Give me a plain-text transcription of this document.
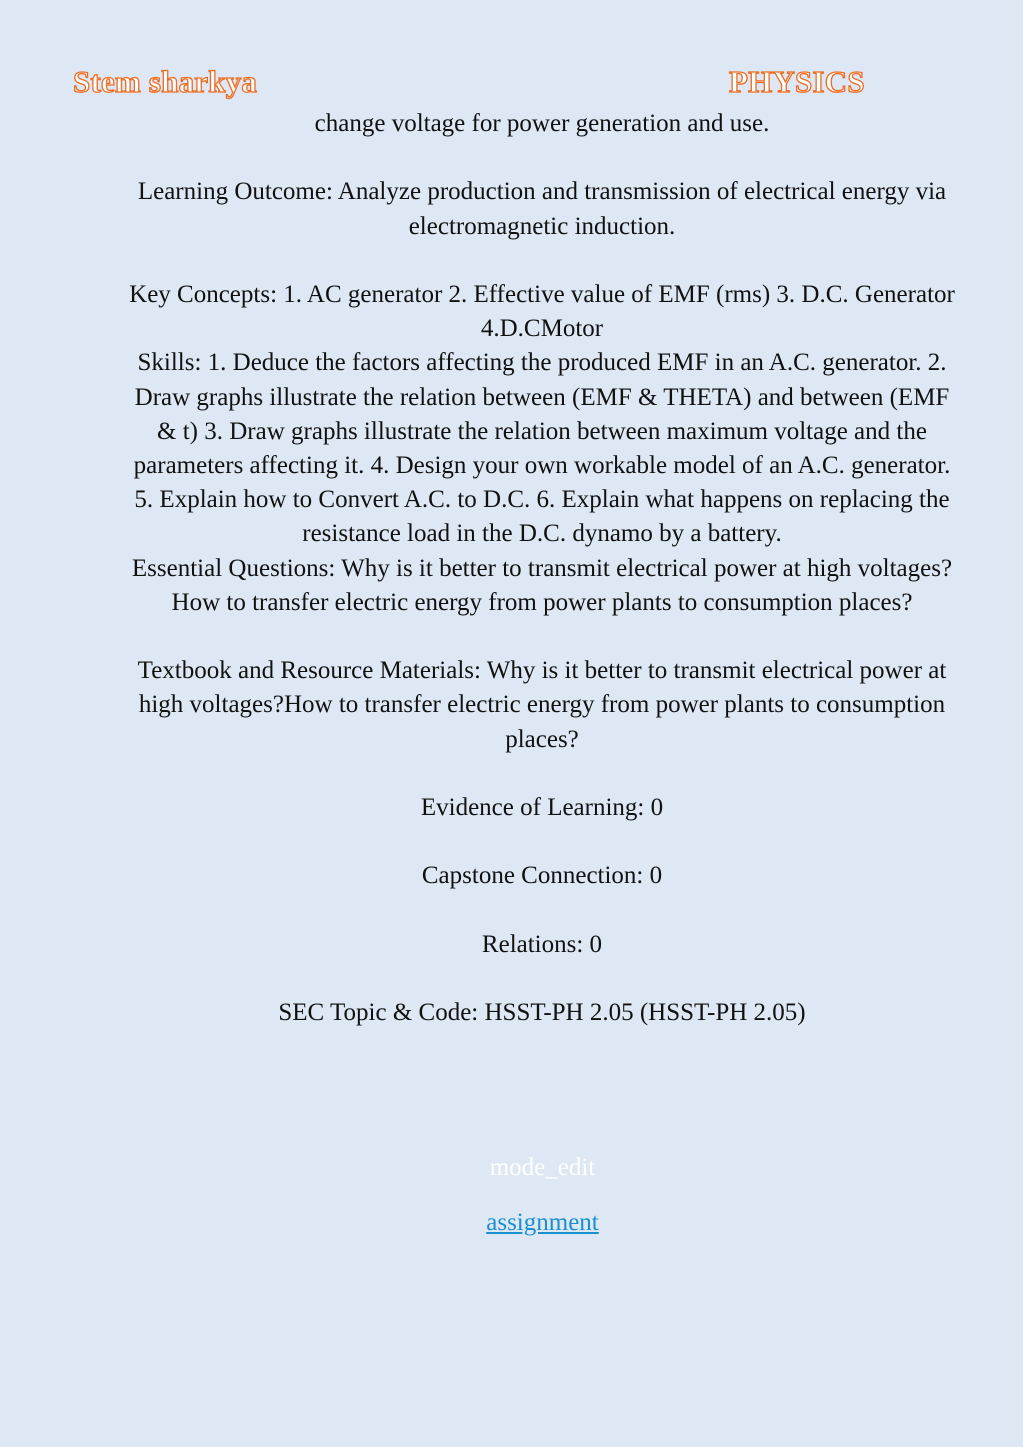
Stem sharkya	PHYSICS

change voltage for power generation and use.

Learning Outcome: Analyze production and transmission of electrical energy via electromagnetic induction.

Key Concepts: 1. AC generator 2. Effective value of EMF (rms) 3. D.C. Generator 4.D.CMotor

Skills: 1. Deduce the factors affecting the produced EMF in an A.C. generator. 2. Draw graphs illustrate the relation between (EMF & THETA) and between (EMF & t) 3. Draw graphs illustrate the relation between maximum voltage and the parameters affecting it. 4. Design your own workable model of an A.C. generator. 5. Explain how to Convert A.C. to D.C. 6. Explain what happens on replacing the resistance load in the D.C. dynamo by a battery.

Essential Questions: Why is it better to transmit electrical power at high voltages?How to transfer electric energy from power plants to consumption places?

Textbook and Resource Materials: Why is it better to transmit electrical power at high voltages?How to transfer electric energy from power plants to consumption places?

Evidence of Learning: 0

Capstone Connection: 0

Relations: 0

SEC Topic & Code: HSST-PH 2.05 (HSST-PH 2.05)

mode_edit
assignment
